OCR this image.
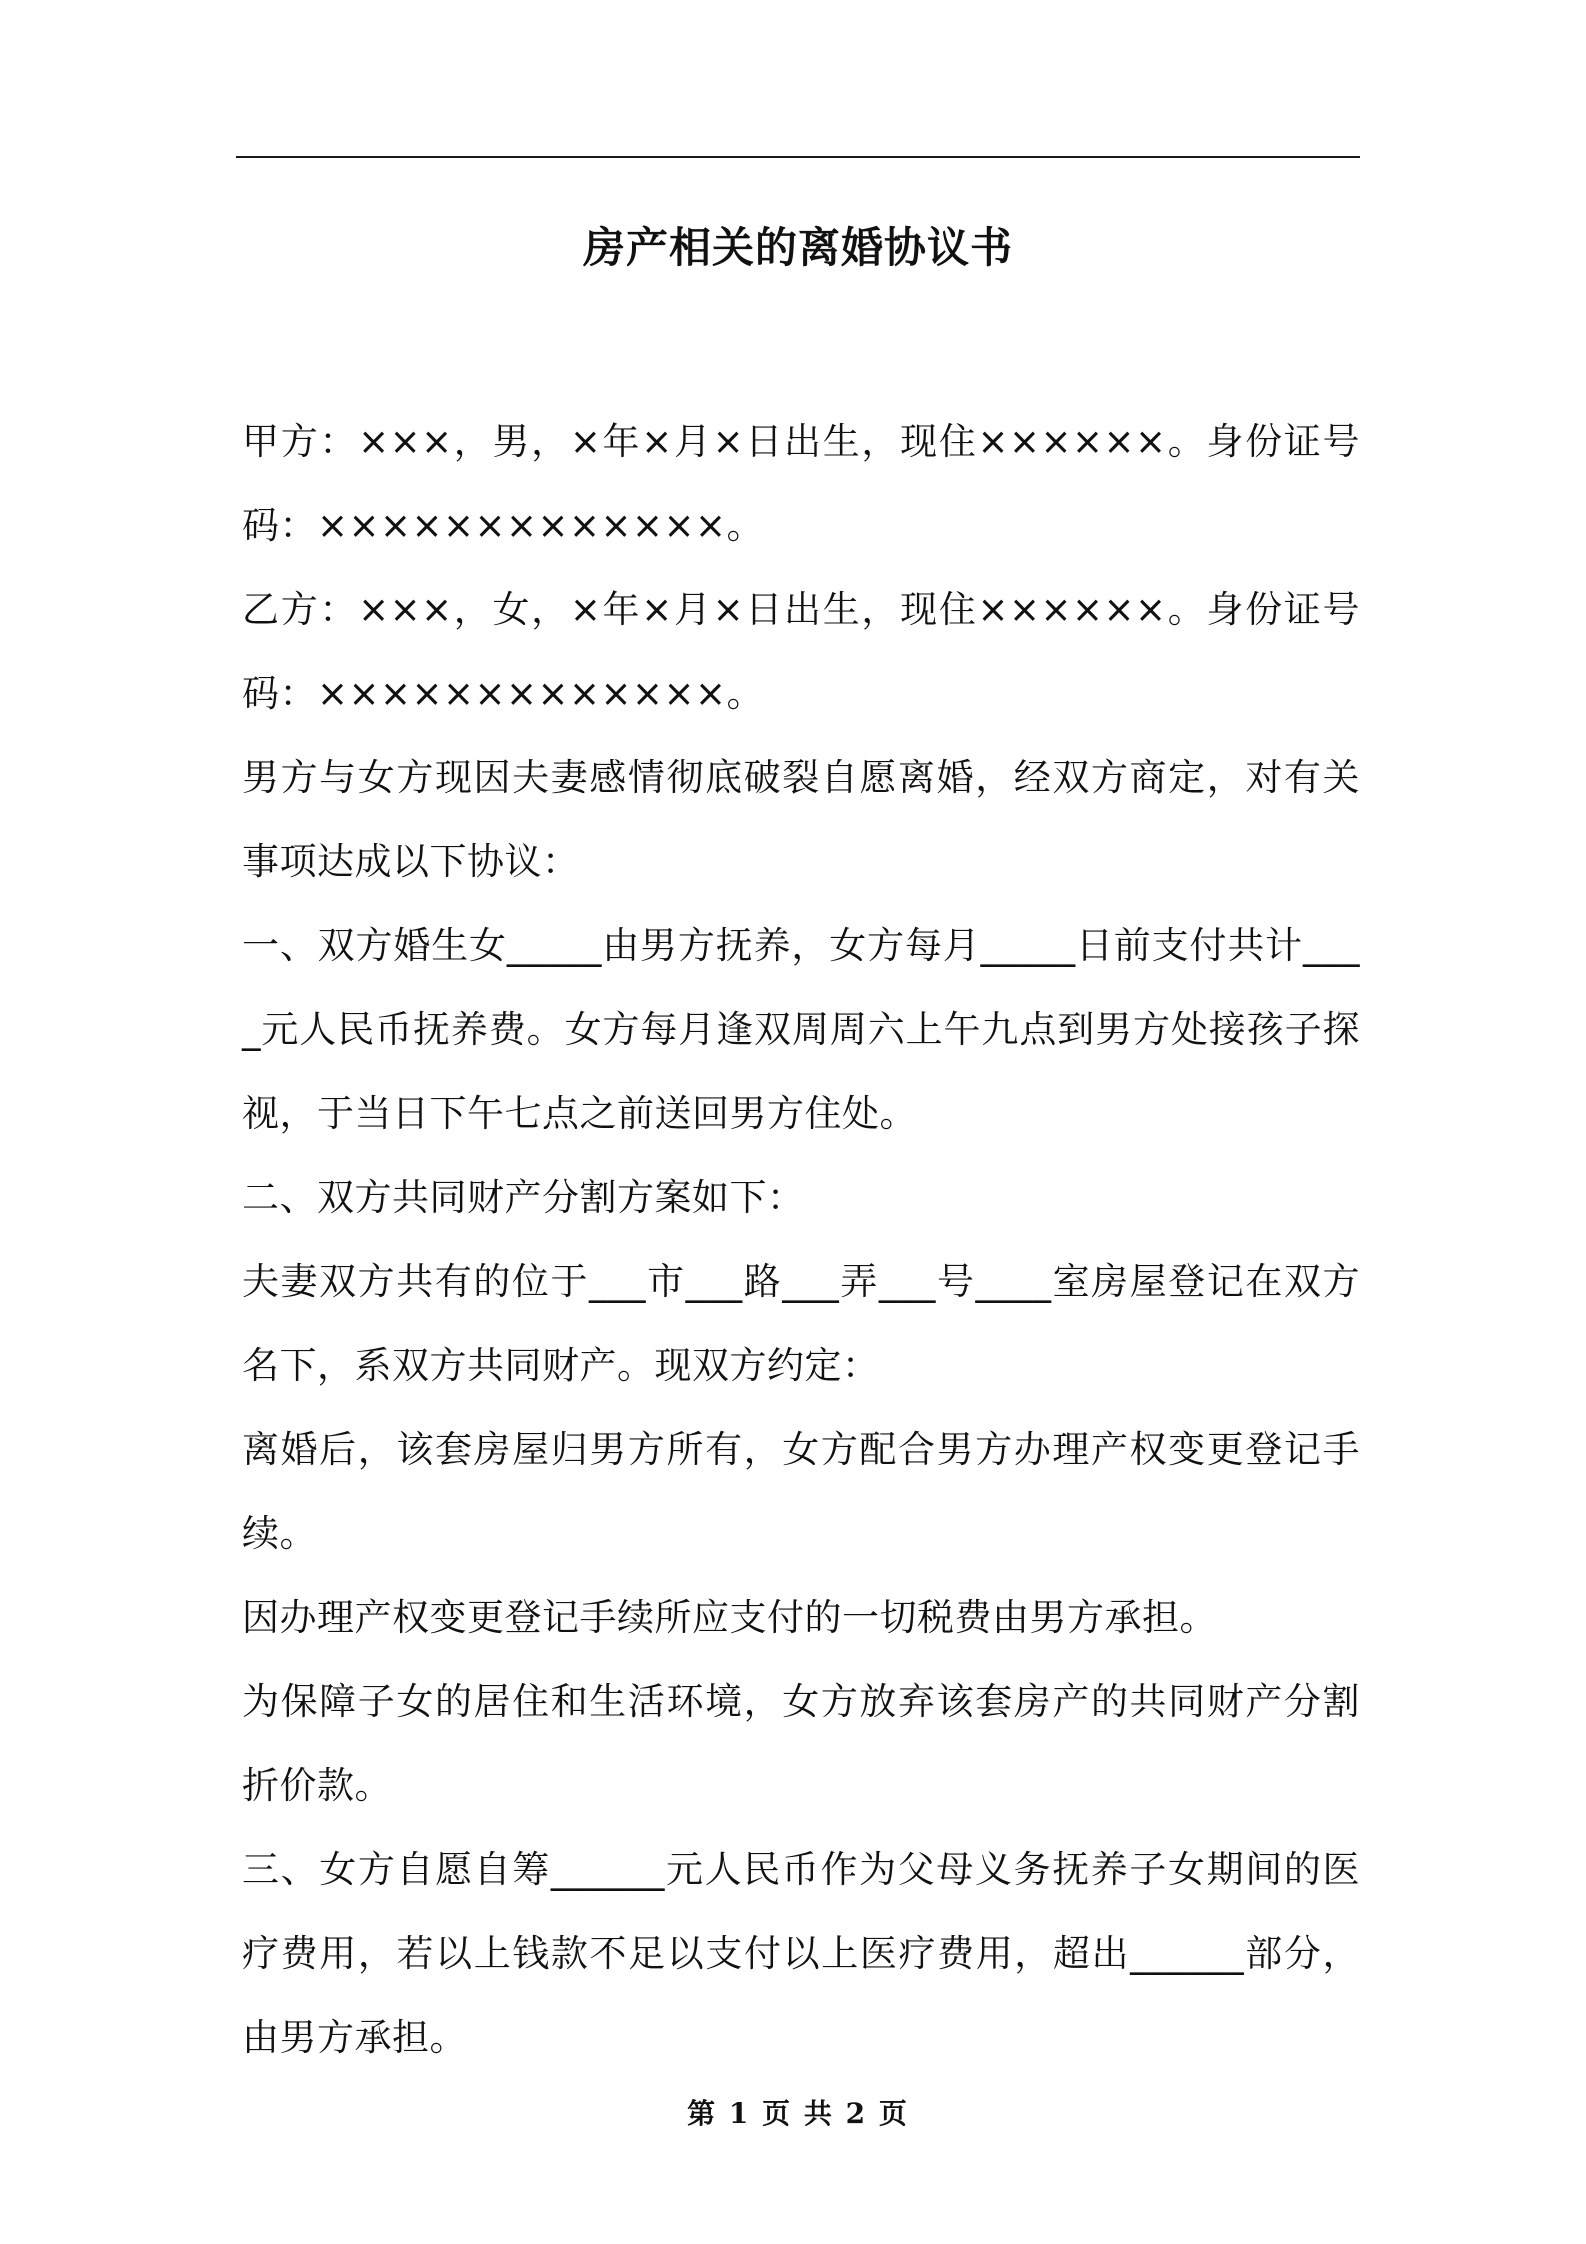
房产相关的离婚协议书

甲方：×××，男，×年×月×日出生，现住××××××。身份证号码：×××××××××××××。

乙方：×××，女，×年×月×日出生，现住××××××。身份证号码：×××××××××××××。

男方与女方现因夫妻感情彻底破裂自愿离婚，经双方商定，对有关事项达成以下协议：

一、双方婚生女_____由男方抚养，女方每月_____日前支付共计____元人民币抚养费。女方每月逢双周周六上午九点到男方处接孩子探视，于当日下午七点之前送回男方住处。

二、双方共同财产分割方案如下：

夫妻双方共有的位于___市___路___弄___号____室房屋登记在双方名下，系双方共同财产。现双方约定：

离婚后，该套房屋归男方所有，女方配合男方办理产权变更登记手续。

因办理产权变更登记手续所应支付的一切税费由男方承担。

为保障子女的居住和生活环境，女方放弃该套房产的共同财产分割折价款。

三、女方自愿自筹______元人民币作为父母义务抚养子女期间的医疗费用，若以上钱款不足以支付以上医疗费用，超出______部分，由男方承担。

第 1 页 共 2 页
